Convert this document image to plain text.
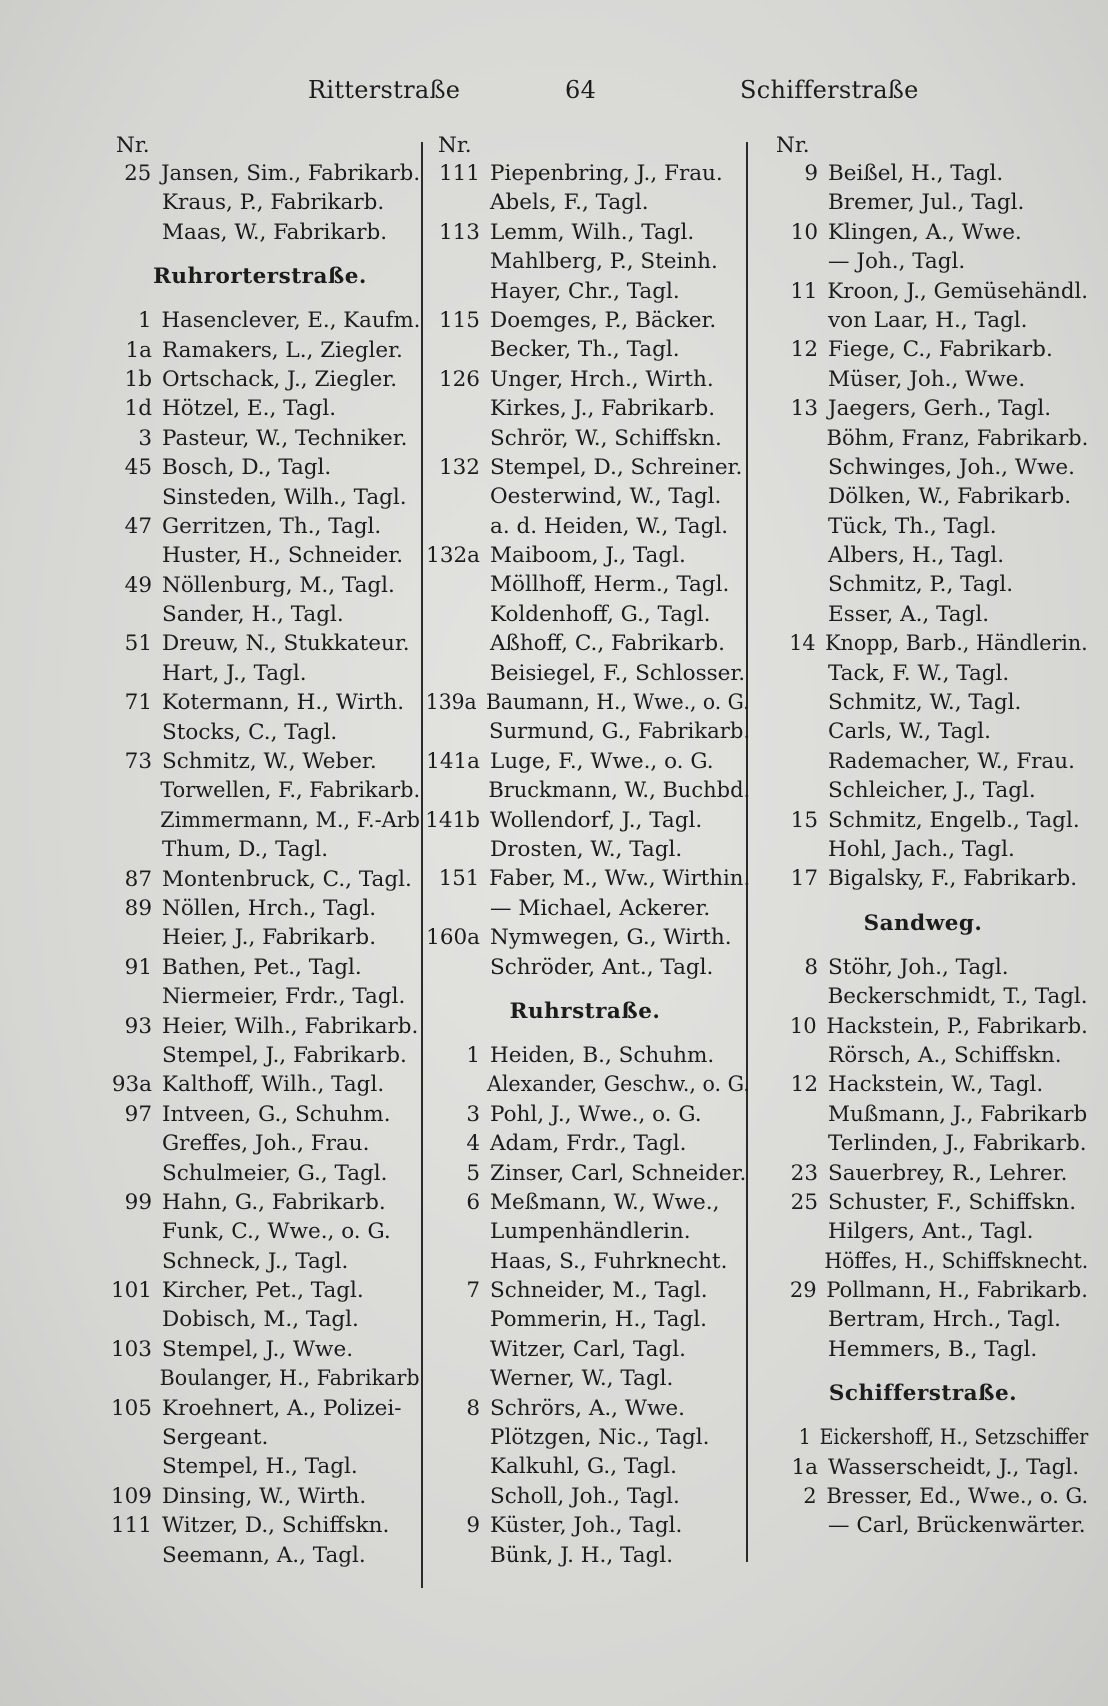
Ritterstraße	64	Schifferstraße
Nr.
25 Jansen, Sim., Fabrikarb.
Kraus, P., Fabrikarb.
Maas, W., Fabrikarb.
Ruhrorterstraße.
1 Hasenclever, E., Kaufm.
1a Ramakers, L., Ziegler.
1b Ortschack, J., Ziegler.
1d Hötzel, E., Tagl.
3 Pasteur, W., Techniker.
45 Bosch, D., Tagl.
Sinsteden, Wilh., Tagl.
47 Gerritzen, Th., Tagl.
Huster, H., Schneider.
49 Nöllenburg, M., Tagl.
Sander, H., Tagl.
51 Dreuw, N., Stukkateur.
Hart, J., Tagl.
71 Kotermann, H., Wirth.
Stocks, C., Tagl.
73 Schmitz, W., Weber.
Torwellen, F., Fabrikarb.
Zimmermann, M., F.-Arb
Thum, D., Tagl.
87 Montenbruck, C., Tagl.
89 Nöllen, Hrch., Tagl.
Heier, J., Fabrikarb.
91 Bathen, Pet., Tagl.
Niermeier, Frdr., Tagl.
93 Heier, Wilh., Fabrikarb.
Stempel, J., Fabrikarb.
93a Kalthoff, Wilh., Tagl.
97 Intveen, G., Schuhm.
Greffes, Joh., Frau.
Schulmeier, G., Tagl.
99 Hahn, G., Fabrikarb.
Funk, C., Wwe., o. G.
Schneck, J., Tagl.
101 Kircher, Pet., Tagl.
Dobisch, M., Tagl.
103 Stempel, J., Wwe.
Boulanger, H., Fabrikarb
105 Kroehnert, A., Polizei-
Sergeant.
Stempel, H., Tagl.
109 Dinsing, W., Wirth.
111 Witzer, D., Schiffskn.
Seemann, A., Tagl.
Nr.
111 Piepenbring, J., Frau.
Abels, F., Tagl.
113 Lemm, Wilh., Tagl.
Mahlberg, P., Steinh.
Hayer, Chr., Tagl.
115 Doemges, P., Bäcker.
Becker, Th., Tagl.
126 Unger, Hrch., Wirth.
Kirkes, J., Fabrikarb.
Schrör, W., Schiffskn.
132 Stempel, D., Schreiner.
Oesterwind, W., Tagl.
a. d. Heiden, W., Tagl.
132a Maiboom, J., Tagl.
Möllhoff, Herm., Tagl.
Koldenhoff, G., Tagl.
Aßhoff, C., Fabrikarb.
Beisiegel, F., Schlosser.
139a Baumann, H., Wwe., o. G.
Surmund, G., Fabrikarb.
141a Luge, F., Wwe., o. G.
Bruckmann, W., Buchbd.
141b Wollendorf, J., Tagl.
Drosten, W., Tagl.
151 Faber, M., Ww., Wirthin.
— Michael, Ackerer.
160a Nymwegen, G., Wirth.
Schröder, Ant., Tagl.
Ruhrstraße.
1 Heiden, B., Schuhm.
Alexander, Geschw., o. G.
3 Pohl, J., Wwe., o. G.
4 Adam, Frdr., Tagl.
5 Zinser, Carl, Schneider.
6 Meßmann, W., Wwe.,
Lumpenhändlerin.
Haas, S., Fuhrknecht.
7 Schneider, M., Tagl.
Pommerin, H., Tagl.
Witzer, Carl, Tagl.
Werner, W., Tagl.
8 Schrörs, A., Wwe.
Plötzgen, Nic., Tagl.
Kalkuhl, G., Tagl.
Scholl, Joh., Tagl.
9 Küster, Joh., Tagl.
Bünk, J. H., Tagl.
Nr.
9 Beißel, H., Tagl.
Bremer, Jul., Tagl.
10 Klingen, A., Wwe.
— Joh., Tagl.
11 Kroon, J., Gemüsehändl.
von Laar, H., Tagl.
12 Fiege, C., Fabrikarb.
Müser, Joh., Wwe.
13 Jaegers, Gerh., Tagl.
Böhm, Franz, Fabrikarb.
Schwinges, Joh., Wwe.
Dölken, W., Fabrikarb.
Tück, Th., Tagl.
Albers, H., Tagl.
Schmitz, P., Tagl.
Esser, A., Tagl.
14 Knopp, Barb., Händlerin.
Tack, F. W., Tagl.
Schmitz, W., Tagl.
Carls, W., Tagl.
Rademacher, W., Frau.
Schleicher, J., Tagl.
15 Schmitz, Engelb., Tagl.
Hohl, Jach., Tagl.
17 Bigalsky, F., Fabrikarb.
Sandweg.
8 Stöhr, Joh., Tagl.
Beckerschmidt, T., Tagl.
10 Hackstein, P., Fabrikarb.
Rörsch, A., Schiffskn.
12 Hackstein, W., Tagl.
Mußmann, J., Fabrikarb
Terlinden, J., Fabrikarb.
23 Sauerbrey, R., Lehrer.
25 Schuster, F., Schiffskn.
Hilgers, Ant., Tagl.
Höffes, H., Schiffsknecht.
29 Pollmann, H., Fabrikarb.
Bertram, Hrch., Tagl.
Hemmers, B., Tagl.
Schifferstraße.
1 Eickershoff, H., Setzschiffer
1a Wasserscheidt, J., Tagl.
2 Bresser, Ed., Wwe., o. G.
— Carl, Brückenwärter.
